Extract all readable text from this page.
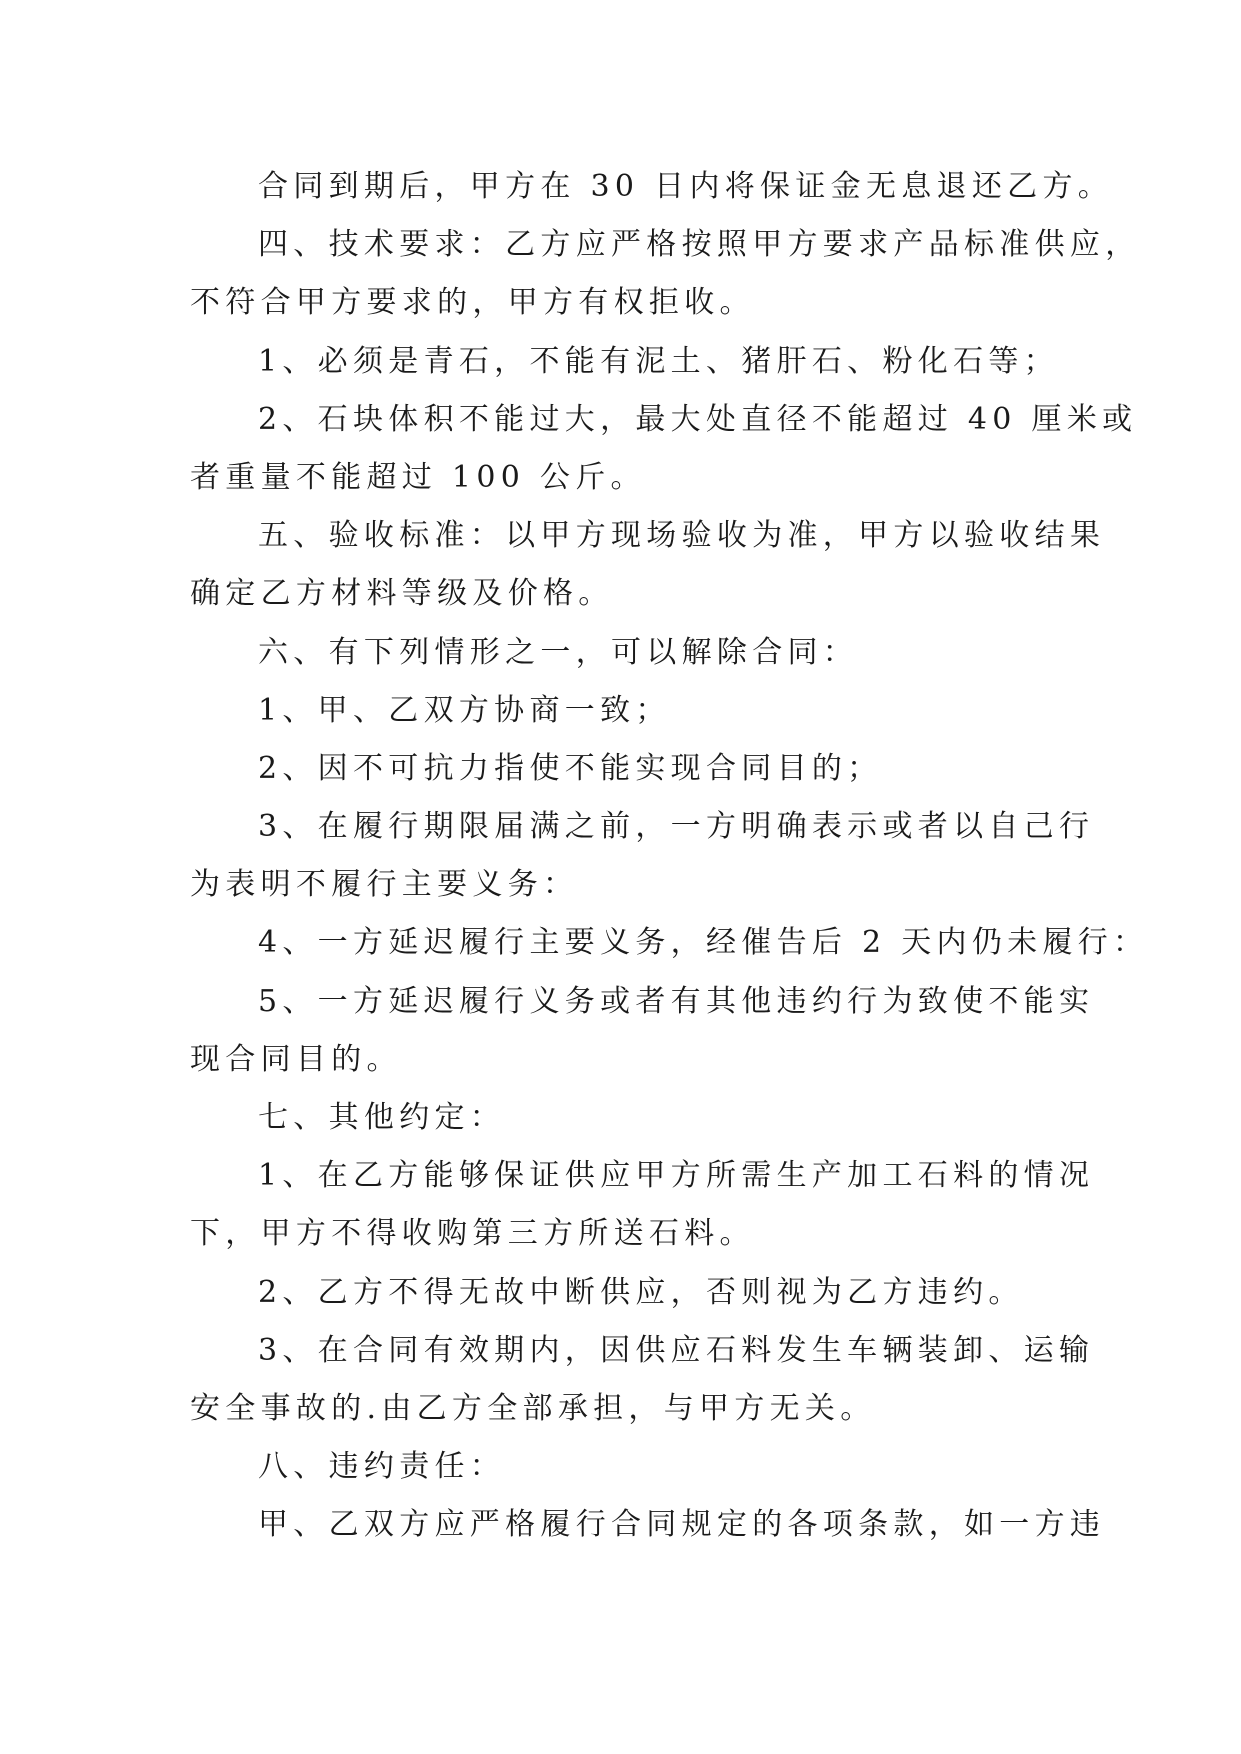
合同到期后，甲方在 30 日内将保证金无息退还乙方。
四、技术要求：乙方应严格按照甲方要求产品标准供应，
不符合甲方要求的，甲方有权拒收。
1、必须是青石，不能有泥土、猪肝石、粉化石等；
2、石块体积不能过大，最大处直径不能超过 40 厘米或
者重量不能超过 100 公斤。
五、验收标准：以甲方现场验收为准，甲方以验收结果
确定乙方材料等级及价格。
六、有下列情形之一，可以解除合同：
1、甲、乙双方协商一致；
2、因不可抗力指使不能实现合同目的；
3、在履行期限届满之前，一方明确表示或者以自己行
为表明不履行主要义务：
4、一方延迟履行主要义务，经催告后 2 天内仍未履行：
5、一方延迟履行义务或者有其他违约行为致使不能实
现合同目的。
七、其他约定：
1、在乙方能够保证供应甲方所需生产加工石料的情况
下，甲方不得收购第三方所送石料。
2、乙方不得无故中断供应，否则视为乙方违约。
3、在合同有效期内，因供应石料发生车辆装卸、运输
安全事故的.由乙方全部承担，与甲方无关。
八、违约责任：
甲、乙双方应严格履行合同规定的各项条款，如一方违
